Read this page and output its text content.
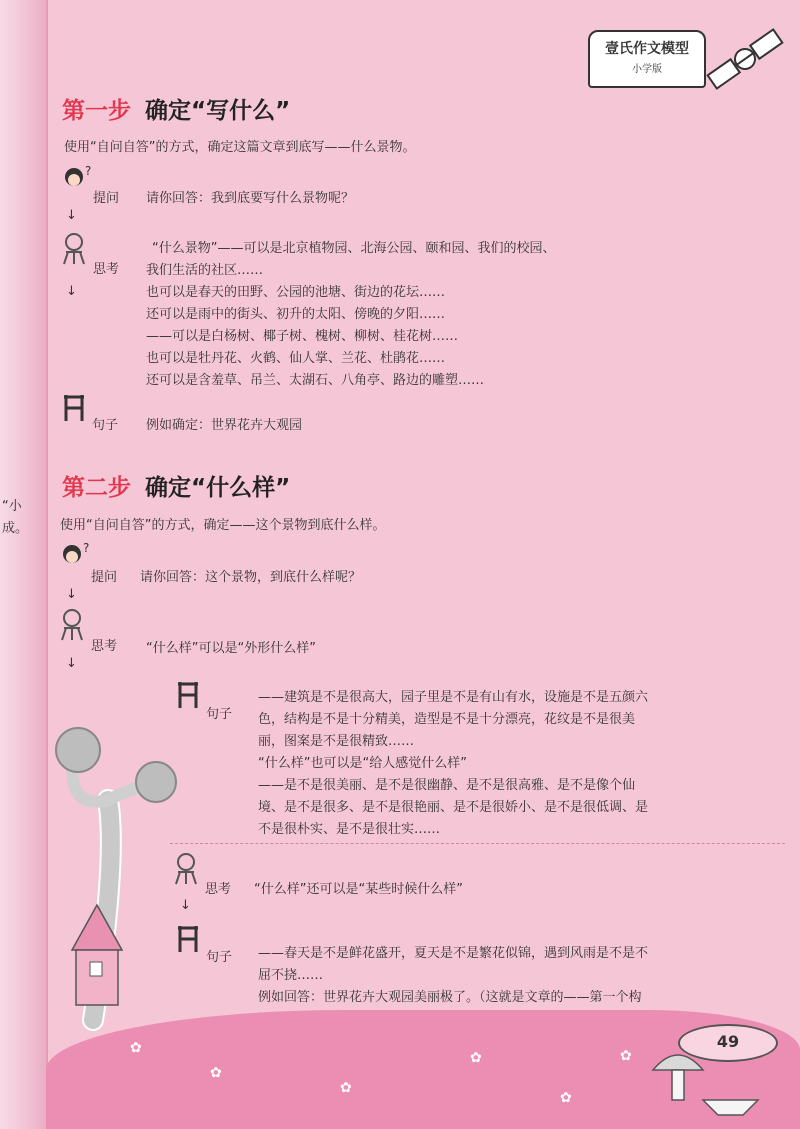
“小
成。
壹氏作文模型
小学版
第一步 确定“写什么”
使用“自问自答”的方式，确定这篇文章到底写——什么景物。
?
提问 请你回答：我到底要写什么景物呢？
↓
思考
↓
“什么景物”——可以是北京植物园、北海公园、颐和园、我们的校园、
我们生活的社区……
也可以是春天的田野、公园的池塘、街边的花坛……
还可以是雨中的街头、初升的太阳、傍晚的夕阳……
——可以是白杨树、椰子树、槐树、柳树、桂花树……
也可以是牡丹花、火鹤、仙人掌、兰花、杜鹃花……
还可以是含羞草、吊兰、太湖石、八角亭、路边的雕塑……
句子 例如确定：世界花卉大观园
第二步 确定“什么样”
使用“自问自答”的方式，确定——这个景物到底什么样。
?
提问 请你回答：这个景物，到底什么样呢？
↓
思考 “什么样”可以是“外形什么样”
↓
句子
——建筑是不是很高大，园子里是不是有山有水，设施是不是五颜六
色，结构是不是十分精美，造型是不是十分漂亮，花纹是不是很美
丽，图案是不是很精致……
“什么样”也可以是“给人感觉什么样”
——是不是很美丽、是不是很幽静、是不是很高雅、是不是像个仙
境、是不是很多、是不是很艳丽、是不是很娇小、是不是很低调、是
不是很朴实、是不是很壮实……
思考 “什么样”还可以是“某些时候什么样”
↓
句子 ——春天是不是鲜花盛开，夏天是不是繁花似锦，遇到风雨是不是不
屈不挠……
例如回答：世界花卉大观园美丽极了。（这就是文章的——第一个构
✿
✿
✿
✿
✿
✿
49
